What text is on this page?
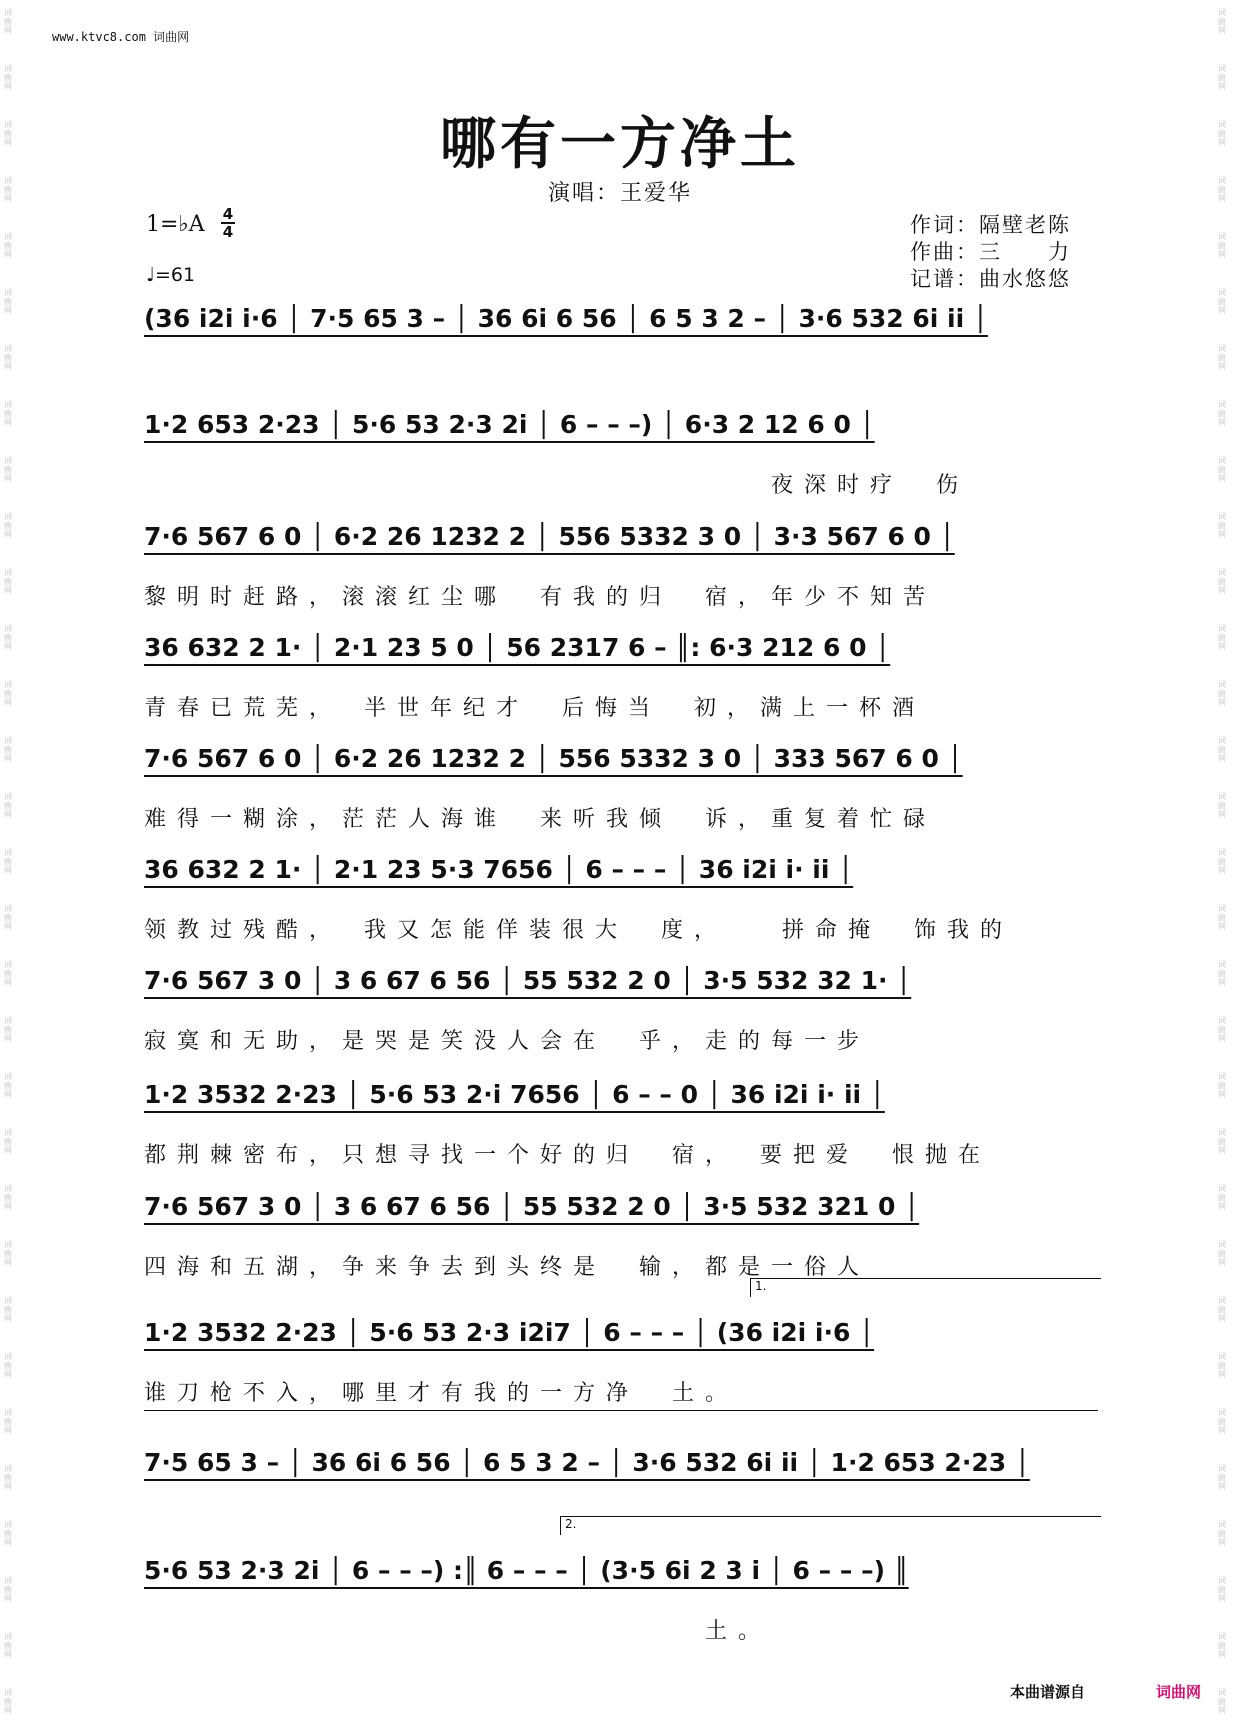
词曲网
词曲网
词曲网
词曲网
词曲网
词曲网
词曲网
词曲网
词曲网
词曲网
词曲网
词曲网
词曲网
词曲网
词曲网
词曲网
词曲网
词曲网
词曲网
词曲网
词曲网
词曲网
词曲网
词曲网
词曲网
词曲网
词曲网
词曲网
词曲网
词曲网
词曲网
词曲网
词曲网
词曲网
词曲网
词曲网
词曲网
词曲网
词曲网
词曲网
词曲网
词曲网
词曲网
词曲网
词曲网
词曲网
词曲网
词曲网
词曲网
词曲网
词曲网
词曲网
词曲网
词曲网
词曲网
词曲网
词曲网
词曲网
词曲网
词曲网
词曲网
词曲网
www.ktvc8.com 词曲网
哪有一方净土
演唱：王爱华
1=♭A 4
4
♩=61
作词：隔壁老陈
作曲：三　　力
记谱：曲水悠悠
(36 i2i i·6 │ 7·5 65 3 – │ 36 6i 6 56 │ 6 5 3 2 – │ 3·6 532 6i ii │
1·2 653 2·23 │ 5·6 53 2·3 2i │ 6 – – –) │ 6·3 2 12 6 0 │
　　　　　　　　　　　　　　　　　　　夜深时疗　伤
7·6 567 6 0 │ 6·2 26 1232 2 │ 556 5332 3 0 │ 3·3 567 6 0 │
黎明时赶路，滚滚红尘哪　有我的归　宿，年少不知苦
36 632 2 1· │ 2·1 23 5 0 │ 56 2317 6 – ║: 6·3 212 6 0 │
青春已荒芜，　半世年纪才　后悔当　初，满上一杯酒
7·6 567 6 0 │ 6·2 26 1232 2 │ 556 5332 3 0 │ 333 567 6 0 │
难得一糊涂，茫茫人海谁　来听我倾　诉，重复着忙碌
36 632 2 1· │ 2·1 23 5·3 7656 │ 6 – – – │ 36 i2i i· ii │
领教过残酷，　我又怎能佯装很大　度，　　拼命掩　饰我的
7·6 567 3 0 │ 3 6 67 6 56 │ 55 532 2 0 │ 3·5 532 32 1· │
寂寞和无助，是哭是笑没人会在　乎，走的每一步
1·2 3532 2·23 │ 5·6 53 2·i 7656 │ 6 – – 0 │ 36 i2i i· ii │
都荆棘密布，只想寻找一个好的归　宿，　要把爱　恨抛在
7·6 567 3 0 │ 3 6 67 6 56 │ 55 532 2 0 │ 3·5 532 321 0 │
四海和五湖，争来争去到头终是　输，都是一俗人
1·2 3532 2·23 │ 5·6 53 2·3 i2i7 │ 6 – – – │ (36 i2i i·6 │
谁刀枪不入，哪里才有我的一方净　土。
7·5 65 3 – │ 36 6i 6 56 │ 6 5 3 2 – │ 3·6 532 6i ii │ 1·2 653 2·23 │
5·6 53 2·3 2i │ 6 – – –) :║ 6 – – – │ (3·5 6i 2 3 i │ 6 – – –) ║
　　　　　　　　　　　　　　　　　土。
1.
2.
本曲谱源自	词曲网
